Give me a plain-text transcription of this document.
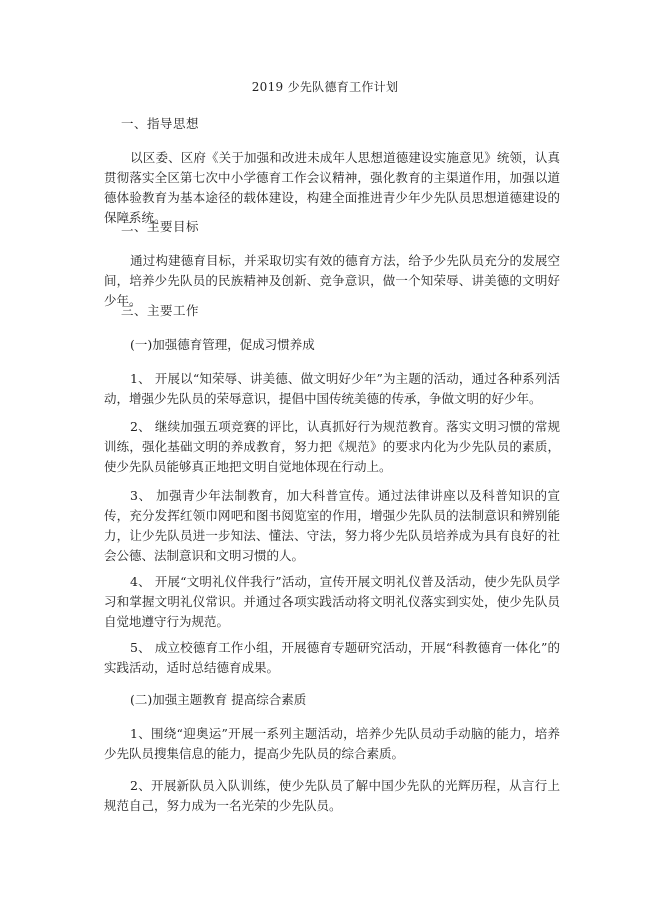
2019 少先队德育工作计划
一、指导思想
以区委、区府《关于加强和改进未成年人思想道德建设实施意见》统领，认真贯彻落实全区第七次中小学德育工作会议精神，强化教育的主渠道作用，加强以道德体验教育为基本途径的载体建设，构建全面推进青少年少先队员思想道德建设的保障系统。
二、主要目标
通过构建德育目标，并采取切实有效的德育方法，给予少先队员充分的发展空间，培养少先队员的民族精神及创新、竞争意识，做一个知荣辱、讲美德的文明好少年。
三、主要工作
(一)加强德育管理，促成习惯养成
1、 开展以“知荣辱、讲美德、做文明好少年”为主题的活动，通过各种系列活动，增强少先队员的荣辱意识，提倡中国传统美德的传承，争做文明的好少年。
2、 继续加强五项竞赛的评比，认真抓好行为规范教育。落实文明习惯的常规训练，强化基础文明的养成教育，努力把《规范》的要求内化为少先队员的素质，使少先队员能够真正地把文明自觉地体现在行动上。
3、 加强青少年法制教育，加大科普宣传。通过法律讲座以及科普知识的宣传，充分发挥红领巾网吧和图书阅览室的作用，增强少先队员的法制意识和辨别能力，让少先队员进一步知法、懂法、守法，努力将少先队员培养成为具有良好的社会公德、法制意识和文明习惯的人。
4、 开展“文明礼仪伴我行”活动，宣传开展文明礼仪普及活动，使少先队员学习和掌握文明礼仪常识。并通过各项实践活动将文明礼仪落实到实处，使少先队员自觉地遵守行为规范。
5、 成立校德育工作小组，开展德育专题研究活动，开展“科教德育一体化”的实践活动，适时总结德育成果。
(二)加强主题教育 提高综合素质
1、围绕“迎奥运”开展一系列主题活动，培养少先队员动手动脑的能力，培养少先队员搜集信息的能力，提高少先队员的综合素质。
2、开展新队员入队训练，使少先队员了解中国少先队的光辉历程，从言行上规范自己，努力成为一名光荣的少先队员。
